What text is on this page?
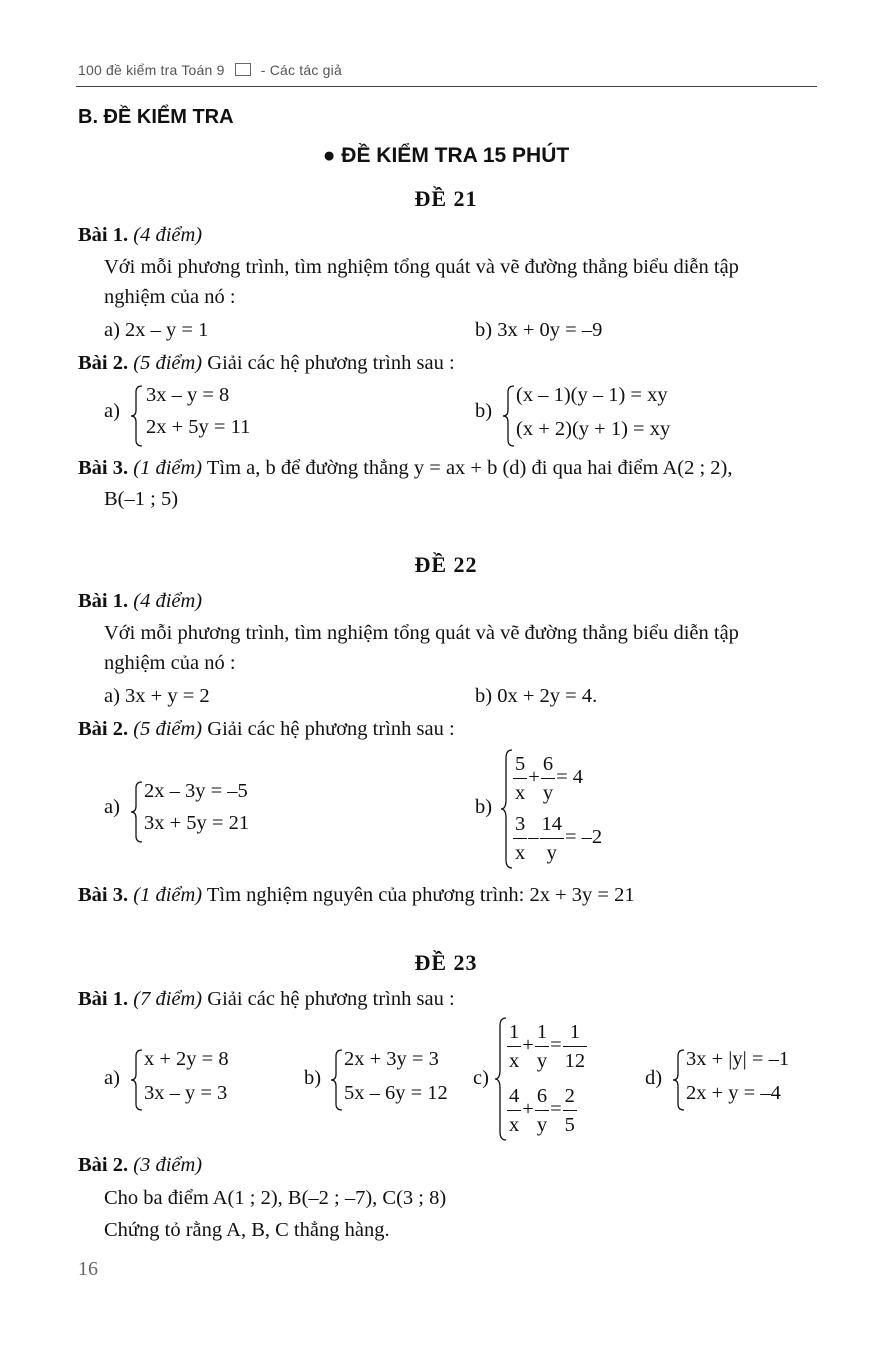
100 đề kiểm tra Toán 9	- Các tác giả
B. ĐỀ KIỂM TRA
● ĐỀ KIỂM TRA 15 PHÚT
ĐỀ 21
Bài 1. (4 điểm)
Với mỗi phương trình, tìm nghiệm tổng quát và vẽ đường thẳng biểu diễn tập
nghiệm của nó :
a) 2x – y = 1	b) 3x + 0y = –9
Bài 2. (5 điểm) Giải các hệ phương trình sau :
a)
3x – y = 8
2x + 5y = 11
b)
(x – 1)(y – 1) = xy
(x + 2)(y + 1) = xy
Bài 3. (1 điểm) Tìm a, b để đường thẳng y = ax + b (d) đi qua hai điểm A(2 ; 2),
B(–1 ; 5)
ĐỀ 22
Bài 1. (4 điểm)
Với mỗi phương trình, tìm nghiệm tổng quát và vẽ đường thẳng biểu diễn tập
nghiệm của nó :
a) 3x + y = 2	b) 0x + 2y = 4.
Bài 2. (5 điểm) Giải các hệ phương trình sau :
a)
2x – 3y = –5
3x + 5y = 21
$b) \frac{5}{x} + \frac{6}{y} = 4$
$\frac{3}{x} - \frac{14}{y} = -2$
Bài 3. (1 điểm) Tìm nghiệm nguyên của phương trình: 2x + 3y = 21
ĐỀ 23
Bài 1. (7 điểm) Giải các hệ phương trình sau :
a)
x + 2y = 8
3x – y = 3
b)
2x + 3y = 3
5x – 6y = 12
c)
$\frac{1}{x} + \frac{1}{y} = \frac{1}{12}$
$\frac{4}{x} + \frac{6}{y} = \frac{2}{5}$
d)
3x + |y| = –1
2x + y = –4
Bài 2. (3 điểm)
Cho ba điểm A(1 ; 2), B(–2 ; –7), C(3 ; 8)
Chứng tỏ rằng A, B, C thẳng hàng.
16
